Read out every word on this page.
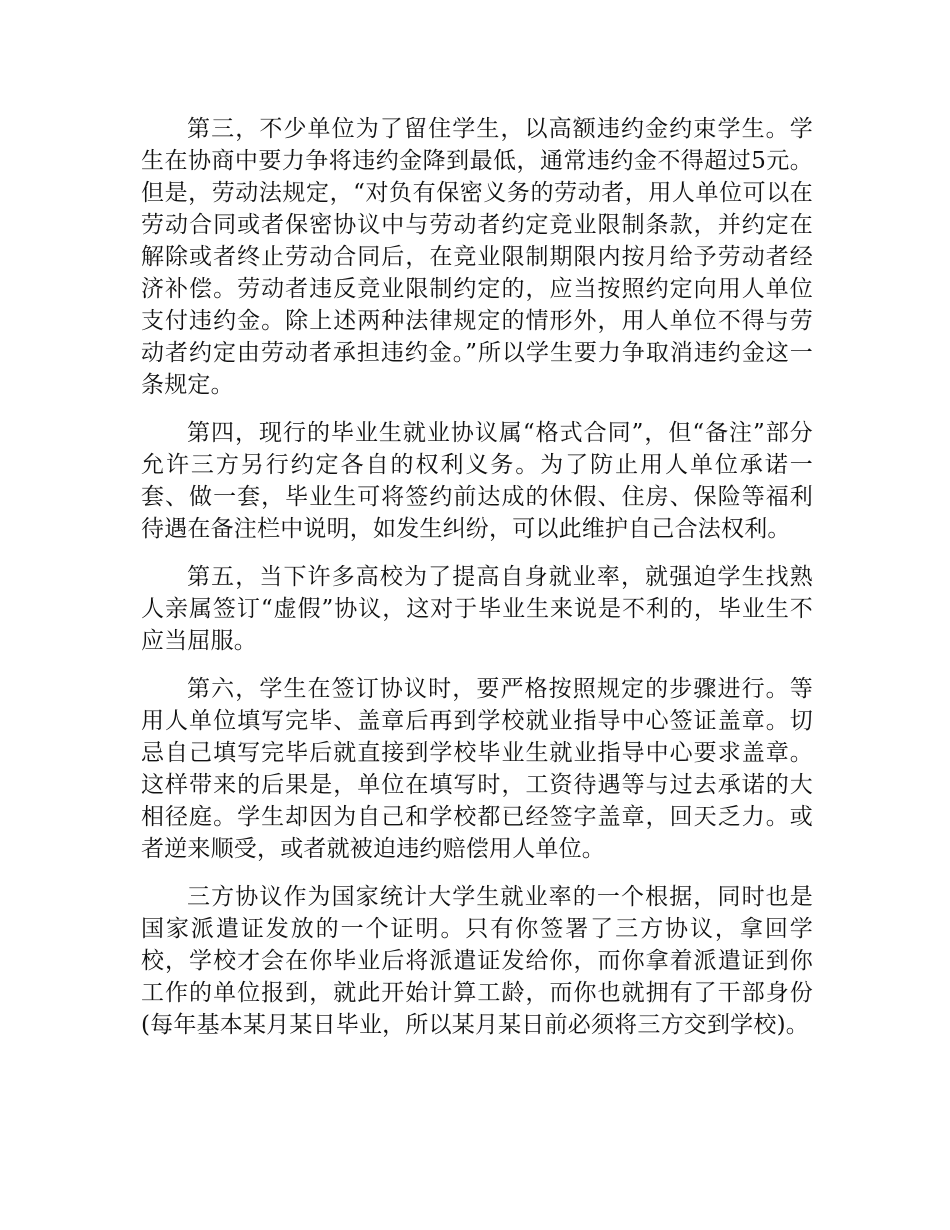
第三，不少单位为了留住学生，以高额违约金约束学生。学生在协商中要力争将违约金降到最低，通常违约金不得超过5元。但是，劳动法规定，“对负有保密义务的劳动者，用人单位可以在劳动合同或者保密协议中与劳动者约定竞业限制条款，并约定在解除或者终止劳动合同后，在竞业限制期限内按月给予劳动者经济补偿。劳动者违反竞业限制约定的，应当按照约定向用人单位支付违约金。除上述两种法律规定的情形外，用人单位不得与劳动者约定由劳动者承担违约金。”所以学生要力争取消违约金这一条规定。

第四，现行的毕业生就业协议属“格式合同”，但“备注”部分允许三方另行约定各自的权利义务。为了防止用人单位承诺一套、做一套，毕业生可将签约前达成的休假、住房、保险等福利待遇在备注栏中说明，如发生纠纷，可以此维护自己合法权利。

第五，当下许多高校为了提高自身就业率，就强迫学生找熟人亲属签订“虚假”协议，这对于毕业生来说是不利的，毕业生不应当屈服。

第六，学生在签订协议时，要严格按照规定的步骤进行。等用人单位填写完毕、盖章后再到学校就业指导中心签证盖章。切忌自己填写完毕后就直接到学校毕业生就业指导中心要求盖章。这样带来的后果是，单位在填写时，工资待遇等与过去承诺的大相径庭。学生却因为自己和学校都已经签字盖章，回天乏力。或者逆来顺受，或者就被迫违约赔偿用人单位。

三方协议作为国家统计大学生就业率的一个根据，同时也是国家派遣证发放的一个证明。只有你签署了三方协议，拿回学校，学校才会在你毕业后将派遣证发给你，而你拿着派遣证到你工作的单位报到，就此开始计算工龄，而你也就拥有了干部身份(每年基本某月某日毕业，所以某月某日前必须将三方交到学校)。
